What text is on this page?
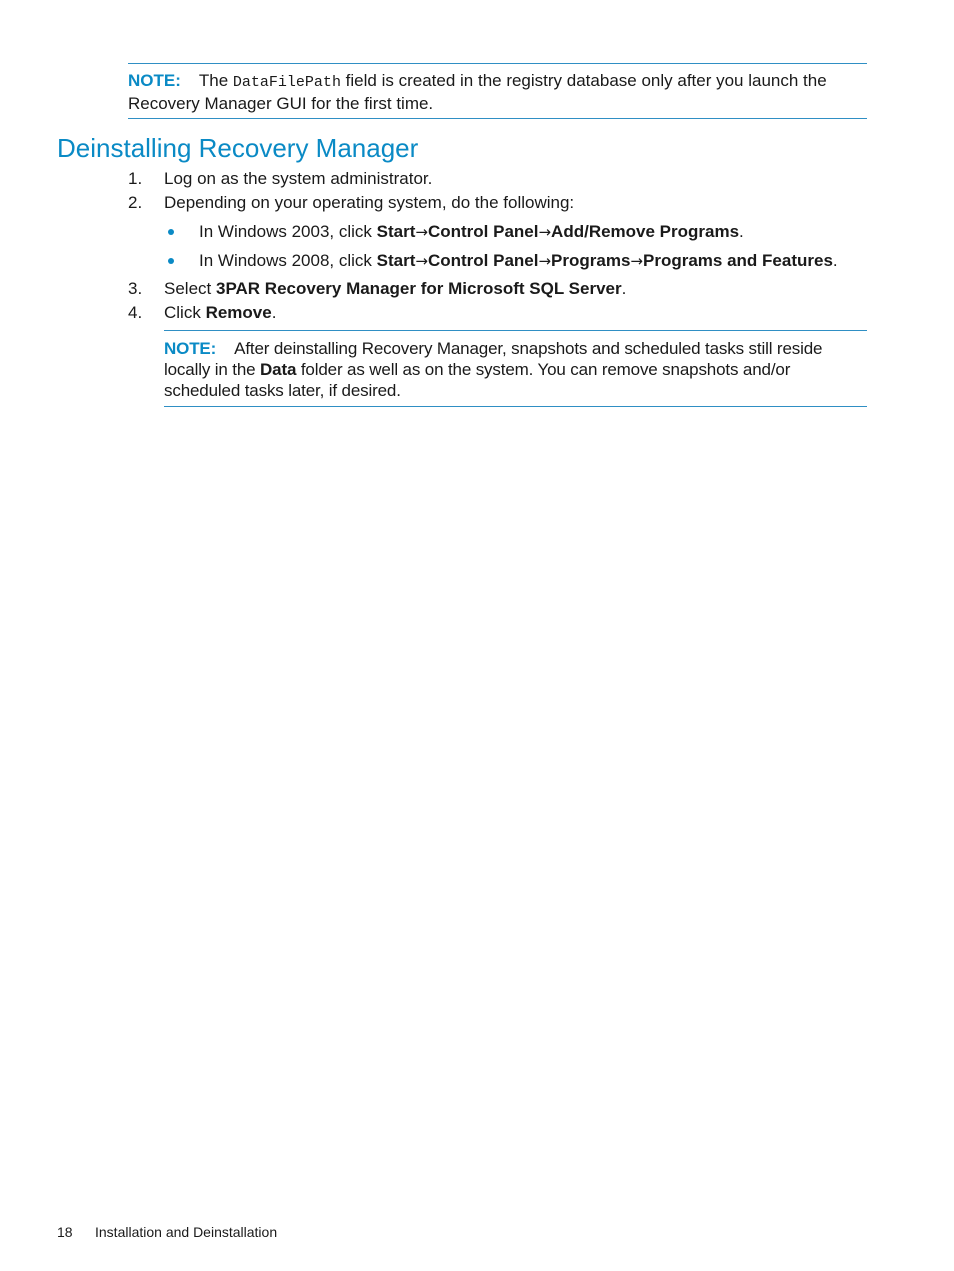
NOTE: The DataFilePath field is created in the registry database only after you launch the Recovery Manager GUI for the first time.
Deinstalling Recovery Manager
1. Log on as the system administrator.
2. Depending on your operating system, do the following:
In Windows 2003, click Start→Control Panel→Add/Remove Programs.
In Windows 2008, click Start→Control Panel→Programs→Programs and Features.
3. Select 3PAR Recovery Manager for Microsoft SQL Server.
4. Click Remove.
NOTE: After deinstalling Recovery Manager, snapshots and scheduled tasks still reside locally in the Data folder as well as on the system. You can remove snapshots and/or scheduled tasks later, if desired.
18 Installation and Deinstallation
